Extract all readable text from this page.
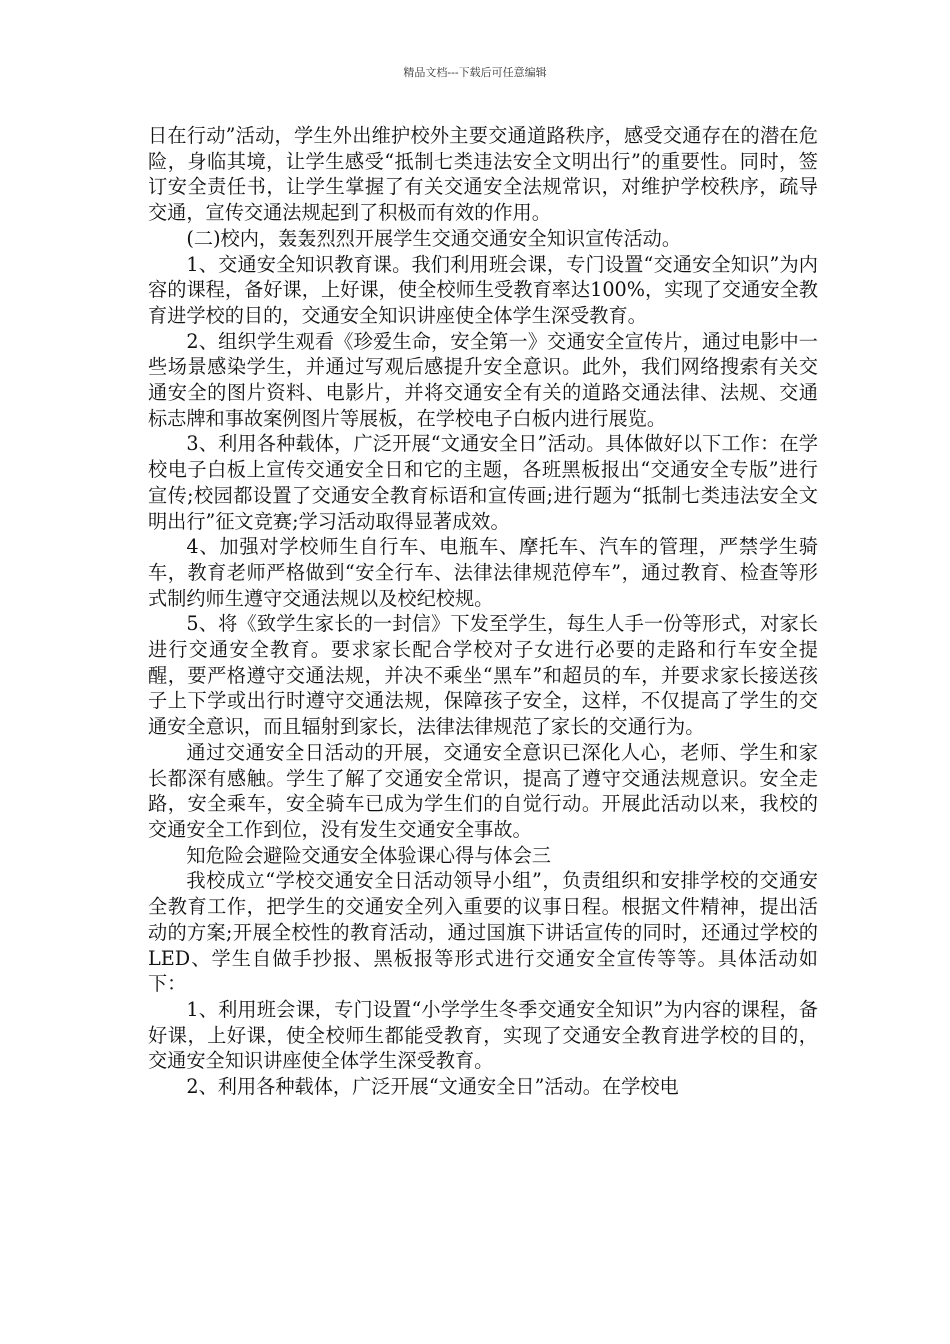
精品文档---下载后可任意编辑

日在行动”活动，学生外出维护校外主要交通道路秩序，感受交通存在的潜在危险，身临其境，让学生感受“抵制七类违法安全文明出行”的重要性。同时，签订安全责任书，让学生掌握了有关交通安全法规常识，对维护学校秩序，疏导交通，宣传交通法规起到了积极而有效的作用。

(二)校内，轰轰烈烈开展学生交通交通安全知识宣传活动。

1、交通安全知识教育课。我们利用班会课，专门设置“交通安全知识”为内容的课程，备好课，上好课，使全校师生受教育率达100%，实现了交通安全教育进学校的目的，交通安全知识讲座使全体学生深受教育。

2、组织学生观看《珍爱生命，安全第一》交通安全宣传片，通过电影中一些场景感染学生，并通过写观后感提升安全意识。此外，我们网络搜索有关交通安全的图片资料、电影片，并将交通安全有关的道路交通法律、法规、交通标志牌和事故案例图片等展板，在学校电子白板内进行展览。

3、利用各种载体，广泛开展“文通安全日”活动。具体做好以下工作：在学校电子白板上宣传交通安全日和它的主题，各班黑板报出“交通安全专版”进行宣传;校园都设置了交通安全教育标语和宣传画;进行题为“抵制七类违法安全文明出行”征文竞赛;学习活动取得显著成效。

4、加强对学校师生自行车、电瓶车、摩托车、汽车的管理，严禁学生骑车，教育老师严格做到“安全行车、法律法律规范停车”，通过教育、检查等形式制约师生遵守交通法规以及校纪校规。

5、将《致学生家长的一封信》下发至学生，每生人手一份等形式，对家长进行交通安全教育。要求家长配合学校对子女进行必要的走路和行车安全提醒，要严格遵守交通法规，并决不乘坐“黑车”和超员的车，并要求家长接送孩子上下学或出行时遵守交通法规，保障孩子安全，这样，不仅提高了学生的交通安全意识，而且辐射到家长，法律法律规范了家长的交通行为。

通过交通安全日活动的开展，交通安全意识已深化人心，老师、学生和家长都深有感触。学生了解了交通安全常识，提高了遵守交通法规意识。安全走路，安全乘车，安全骑车已成为学生们的自觉行动。开展此活动以来，我校的交通安全工作到位，没有发生交通安全事故。

知危险会避险交通安全体验课心得与体会三

我校成立“学校交通安全日活动领导小组”，负责组织和安排学校的交通安全教育工作，把学生的交通安全列入重要的议事日程。根据文件精神，提出活动的方案;开展全校性的教育活动，通过国旗下讲话宣传的同时，还通过学校的LED、学生自做手抄报、黑板报等形式进行交通安全宣传等等。具体活动如下：

1、利用班会课，专门设置“小学学生冬季交通安全知识”为内容的课程，备好课，上好课，使全校师生都能受教育，实现了交通安全教育进学校的目的，交通安全知识讲座使全体学生深受教育。

2、利用各种载体，广泛开展“文通安全日”活动。在学校电
